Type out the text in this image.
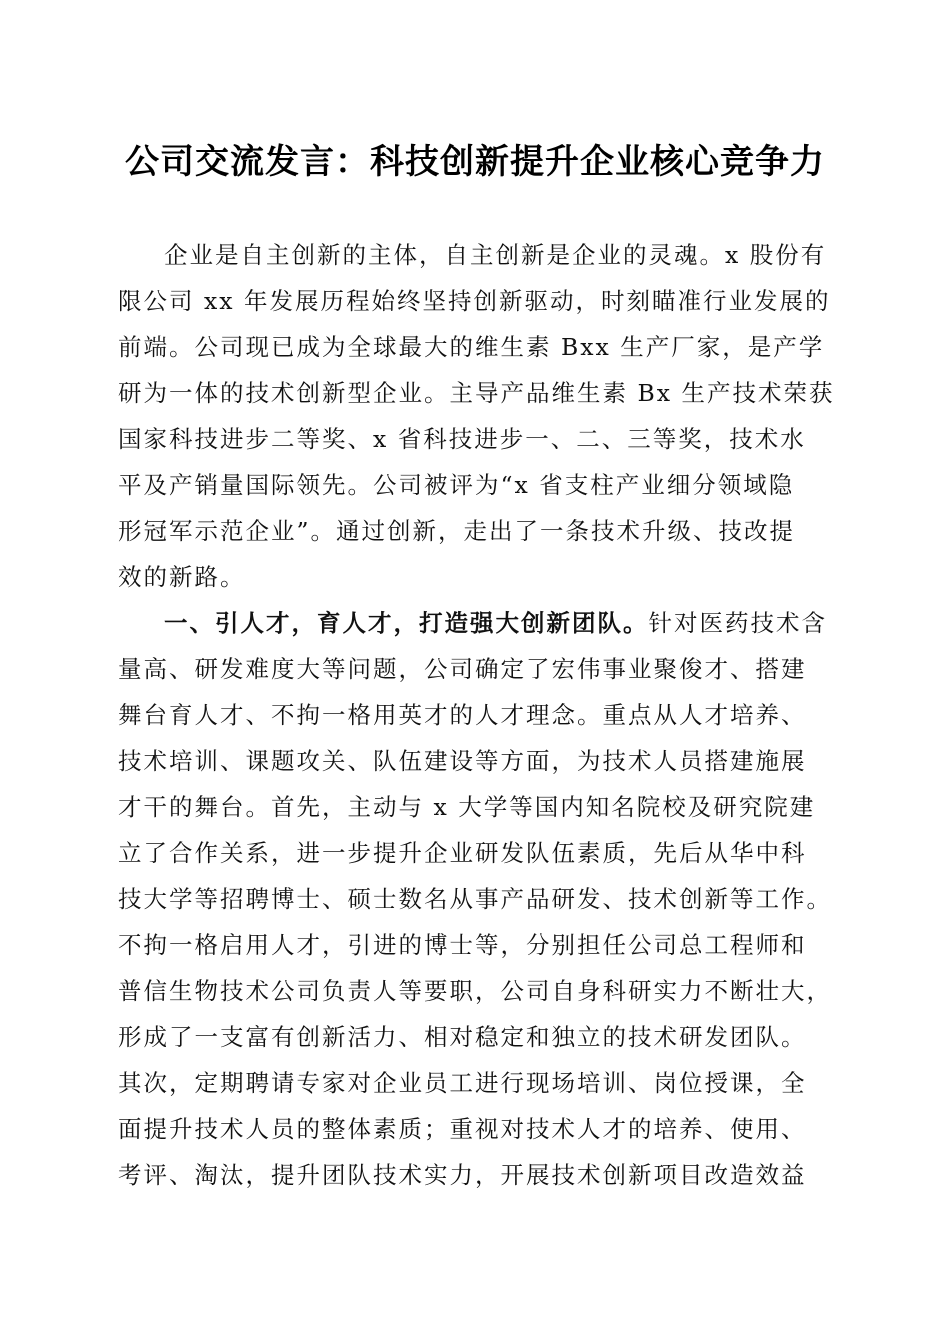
公司交流发言：科技创新提升企业核心竞争力
企业是自主创新的主体，自主创新是企业的灵魂。x 股份有
限公司 xx 年发展历程始终坚持创新驱动，时刻瞄准行业发展的
前端。公司现已成为全球最大的维生素 Bxx 生产厂家，是产学
研为一体的技术创新型企业。主导产品维生素 Bx 生产技术荣获
国家科技进步二等奖、x 省科技进步一、二、三等奖，技术水
平及产销量国际领先。公司被评为“x 省支柱产业细分领域隐
形冠军示范企业”。通过创新，走出了一条技术升级、技改提
效的新路。
一、引人才，育人才，打造强大创新团队。针对医药技术含
量高、研发难度大等问题，公司确定了宏伟事业聚俊才、搭建
舞台育人才、不拘一格用英才的人才理念。重点从人才培养、
技术培训、课题攻关、队伍建设等方面，为技术人员搭建施展
才干的舞台。首先，主动与 x 大学等国内知名院校及研究院建
立了合作关系，进一步提升企业研发队伍素质，先后从华中科
技大学等招聘博士、硕士数名从事产品研发、技术创新等工作。
不拘一格启用人才，引进的博士等，分别担任公司总工程师和
普信生物技术公司负责人等要职，公司自身科研实力不断壮大，
形成了一支富有创新活力、相对稳定和独立的技术研发团队。
其次，定期聘请专家对企业员工进行现场培训、岗位授课，全
面提升技术人员的整体素质；重视对技术人才的培养、使用、
考评、淘汰，提升团队技术实力，开展技术创新项目改造效益
